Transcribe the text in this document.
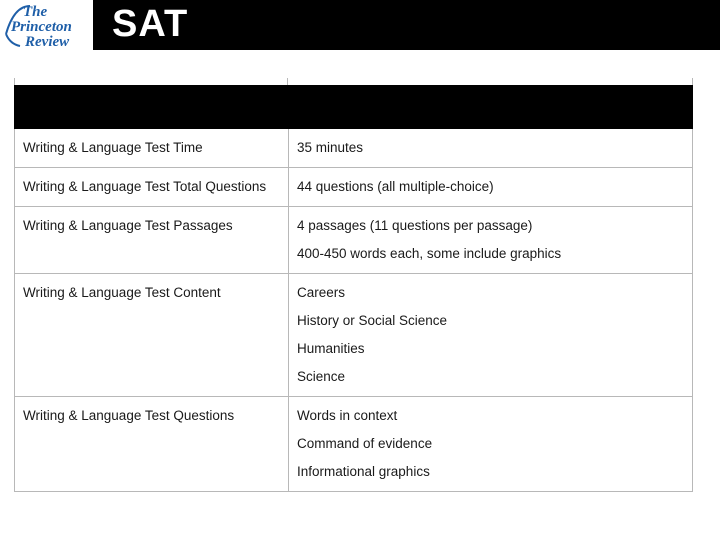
The
Princeton
Review SAT

Writing & Language Test Time	35 minutes

Writing & Language Test Total Questions	44 questions (all multiple-choice)

Writing & Language Test Passages	4 passages (11 questions per passage)
400-450 words each, some include graphics

Writing & Language Test Content	Careers
History or Social Science
Humanities
Science

Writing & Language Test Questions	Words in context
Command of evidence
Informational graphics
